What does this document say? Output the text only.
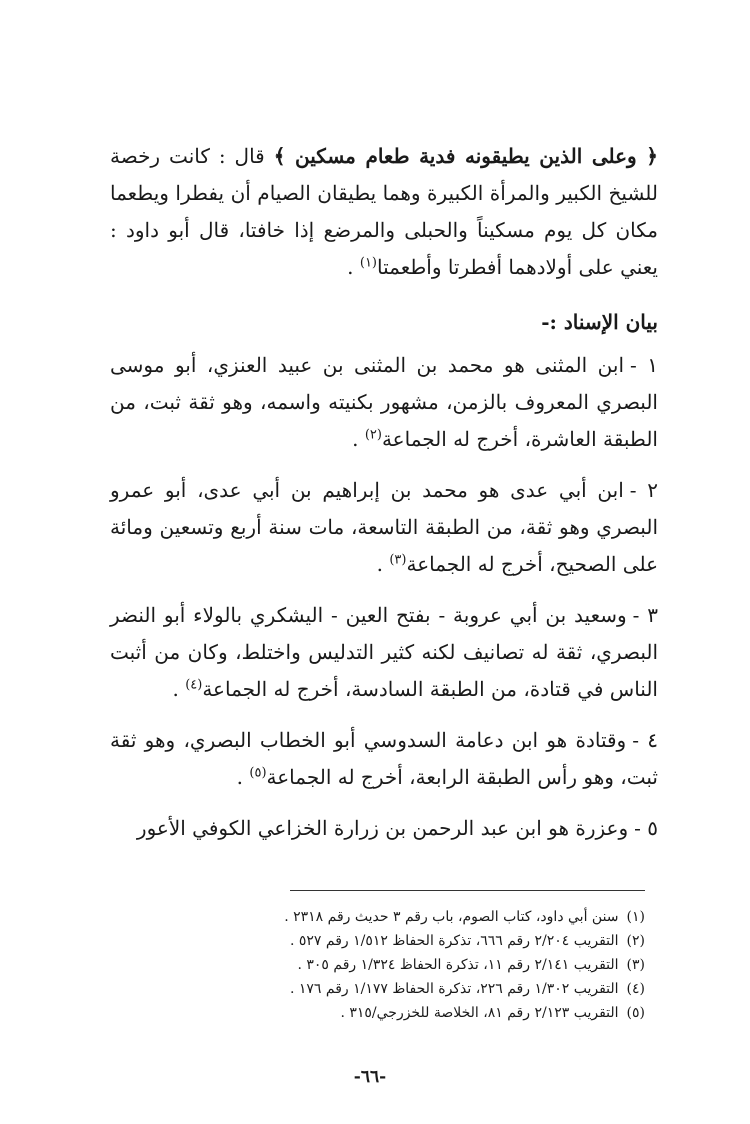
﴿ وعلى الذين يطيقونه فدية طعام مسكين ﴾ قال : كانت رخصة للشيخ الكبير والمرأة الكبيرة وهما يطيقان الصيام أن يفطرا ويطعما مكان كل يوم مسكيناً والحبلى والمرضع إذا خافتا، قال أبو داود : يعني على أولادهما أفطرتا وأطعمتا$^{(١)}$ .

بيان الإسناد :-

١ -ابن المثنى هو محمد بن المثنى بن عبيد العنزي، أبو موسى البصري المعروف بالزمن، مشهور بكنيته واسمه، وهو ثقة ثبت، من الطبقة العاشرة، أخرج له الجماعة$^{(٢)}$ .

٢ -ابن أبي عدى هو محمد بن إبراهيم بن أبي عدى، أبو عمرو البصري وهو ثقة، من الطبقة التاسعة، مات سنة أربع وتسعين ومائة على الصحيح، أخرج له الجماعة$^{(٣)}$ .

٣ -وسعيد بن أبي عروبة - بفتح العين - اليشكري بالولاء أبو النضر البصري، ثقة له تصانيف لكنه كثير التدليس واختلط، وكان من أثبت الناس في قتادة، من الطبقة السادسة، أخرج له الجماعة$^{(٤)}$ .

٤ -وقتادة هو ابن دعامة السدوسي أبو الخطاب البصري، وهو ثقة ثبت، وهو رأس الطبقة الرابعة، أخرج له الجماعة$^{(٥)}$ .

٥ -وعزرة هو ابن عبد الرحمن بن زرارة الخزاعي الكوفي الأعور

(١)سنن أبي داود، كتاب الصوم، باب رقم ٣ حديث رقم ٢٣١٨ .
(٢)التقريب ٢/٢٠٤ رقم ٦٦٦، تذكرة الحفاظ ١/٥١٢ رقم ٥٢٧ .
(٣)التقريب ٢/١٤١ رقم ١١، تذكرة الحفاظ ١/٣٢٤ رقم ٣٠٥ .
(٤)التقريب ١/٣٠٢ رقم ٢٢٦، تذكرة الحفاظ ١/١٧٧ رقم ١٧٦ .
(٥)التقريب ٢/١٢٣ رقم ٨١، الخلاصة للخزرجي/٣١٥ .
-٦٦-
